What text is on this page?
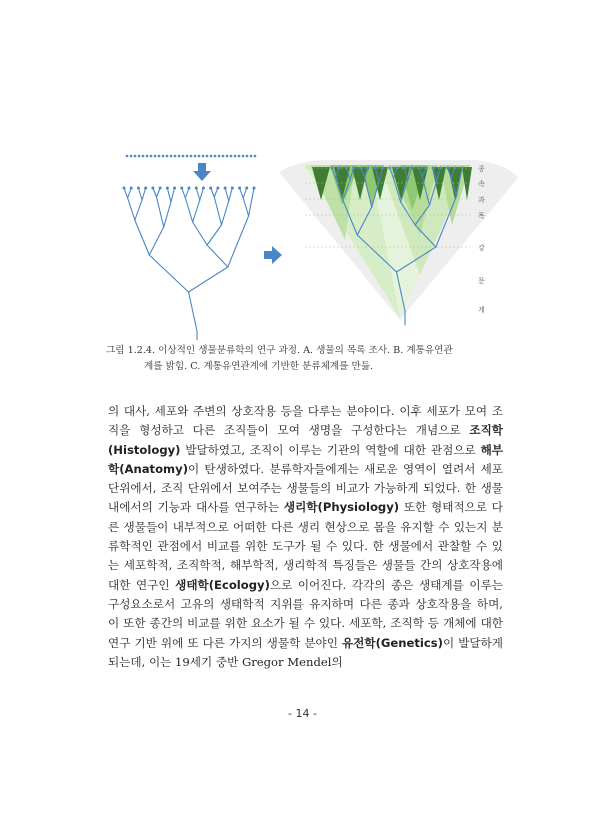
종
속
과
목
강
문
계
그림 1.2.4. 이상적인 생물분류학의 연구 과정. A. 생물의 목록 조사. B. 계통유연관
계를 밝힘. C. 계통유연관계에 기반한 분류체계를 만듦.
의 대사, 세포와 주변의 상호작용 등을 다루는 분야이다. 이후 세포가 모여 조직을 형성하고 다른 조직들이 모여 생명을 구성한다는 개념으로 조직학(Histology) 발달하였고, 조직이 이루는 기관의 역할에 대한 관점으로 해부학(Anatomy)이 탄생하였다. 분류학자들에게는 새로운 영역이 열려서 세포 단위에서, 조직 단위에서 보여주는 생물들의 비교가 가능하게 되었다. 한 생물 내에서의 기능과 대사를 연구하는 생리학(Physiology) 또한 형태적으로 다른 생물들이 내부적으로 어떠한 다른 생리 현상으로 몸을 유지할 수 있는지 분류학적인 관점에서 비교를 위한 도구가 될 수 있다. 한 생물에서 관찰할 수 있는 세포학적, 조직학적, 해부학적, 생리학적 특징들은 생물들 간의 상호작용에 대한 연구인 생태학(Ecology)으로 이어진다. 각각의 종은 생태계를 이루는 구성요소로서 고유의 생태학적 지위를 유지하며 다른 종과 상호작용을 하며, 이 또한 종간의 비교를 위한 요소가 될 수 있다. 세포학, 조직학 등 개체에 대한 연구 기반 위에 또 다른 가지의 생물학 분야인 유전학(Genetics)이 발달하게 되는데, 이는 19세기 중반 Gregor Mendel의
- 14 -
